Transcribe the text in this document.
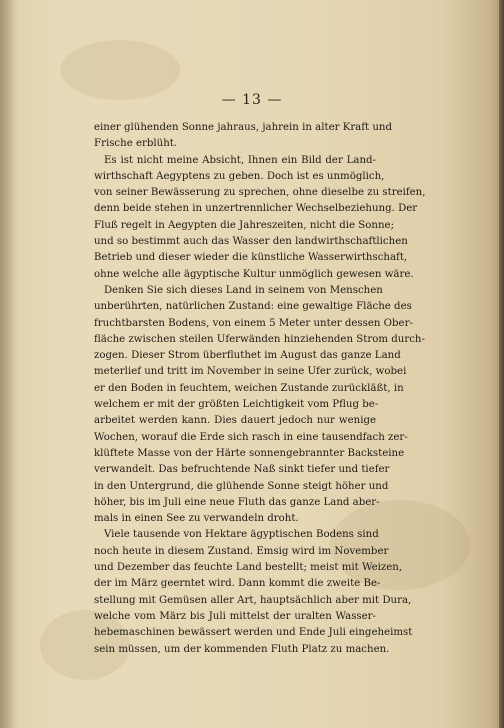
— 13 —
einer glühenden Sonne jahraus, jahrein in alter Kraft und
Frische erblüht.
Es ist nicht meine Absicht, Ihnen ein Bild der Land-
wirthschaft Aegyptens zu geben. Doch ist es unmöglich,
von seiner Bewässerung zu sprechen, ohne dieselbe zu streifen,
denn beide stehen in unzertrennlicher Wechselbeziehung. Der
Fluß regelt in Aegypten die Jahreszeiten, nicht die Sonne;
und so bestimmt auch das Wasser den landwirthschaftlichen
Betrieb und dieser wieder die künstliche Wasserwirthschaft,
ohne welche alle ägyptische Kultur unmöglich gewesen wäre.
Denken Sie sich dieses Land in seinem von Menschen
unberührten, natürlichen Zustand: eine gewaltige Fläche des
fruchtbarsten Bodens, von einem 5 Meter unter dessen Ober-
fläche zwischen steilen Uferwänden hinziehenden Strom durch-
zogen. Dieser Strom überfluthet im August das ganze Land
meterlief und tritt im November in seine Ufer zurück, wobei
er den Boden in feuchtem, weichen Zustande zurückläßt, in
welchem er mit der größten Leichtigkeit vom Pflug be-
arbeitet werden kann. Dies dauert jedoch nur wenige
Wochen, worauf die Erde sich rasch in eine tausendfach zer-
klüftete Masse von der Härte sonnengebrannter Backsteine
verwandelt. Das befruchtende Naß sinkt tiefer und tiefer
in den Untergrund, die glühende Sonne steigt höher und
höher, bis im Juli eine neue Fluth das ganze Land aber-
mals in einen See zu verwandeln droht.
Viele tausende von Hektare ägyptischen Bodens sind
noch heute in diesem Zustand. Emsig wird im November
und Dezember das feuchte Land bestellt; meist mit Weizen,
der im März geerntet wird. Dann kommt die zweite Be-
stellung mit Gemüsen aller Art, hauptsächlich aber mit Dura,
welche vom März bis Juli mittelst der uralten Wasser-
hebemaschinen bewässert werden und Ende Juli eingeheimst
sein müssen, um der kommenden Fluth Platz zu machen.
